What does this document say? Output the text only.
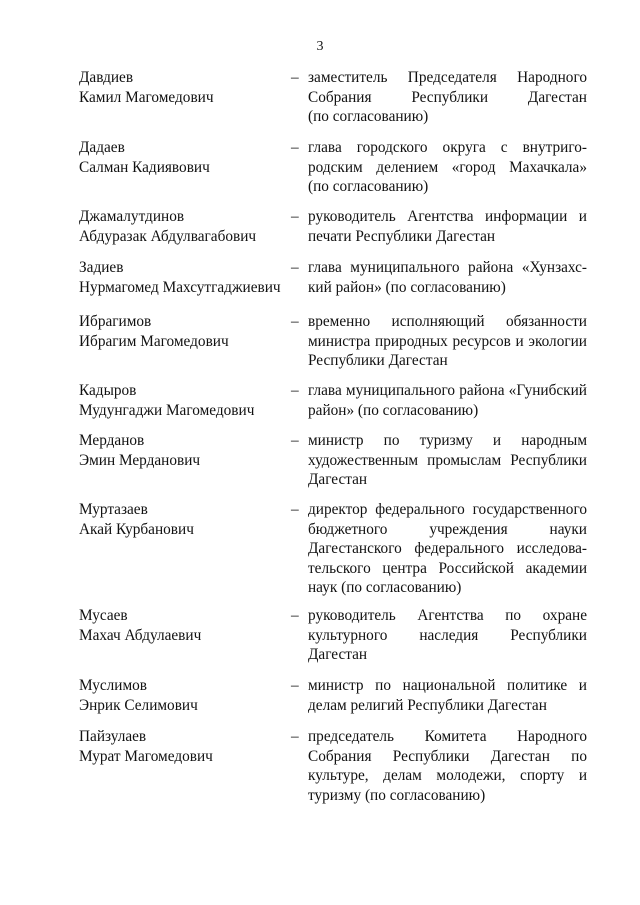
3
Давдиев
Камил Магомедович
– заместитель Председателя Народного
Собрания Республики Дагестан
(по согласованию)
Дадаев
Салман Кадиявович
– глава городского округа с внутриго-
родским делением «город Махачкала»
(по согласованию)
Джамалутдинов
Абдуразак Абдулвагабович
– руководитель Агентства информации и
печати Республики Дагестан
Задиев
Нурмагомед Махсутгаджиевич
– глава муниципального района «Хунзахс-
кий район» (по согласованию)
Ибрагимов
Ибрагим Магомедович
– временно исполняющий обязанности
министра природных ресурсов и экологии
Республики Дагестан
Кадыров
Мудунгаджи Магомедович
– глава муниципального района «Гунибский
район» (по согласованию)
Мерданов
Эмин Мерданович
– министр по туризму и народным
художественным промыслам Республики
Дагестан
Муртазаев
Акай Курбанович
– директор федерального государственного
бюджетного учреждения науки
Дагестанского федерального исследова-
тельского центра Российской академии
наук (по согласованию)
Мусаев
Махач Абдулаевич
– руководитель Агентства по охране
культурного наследия Республики
Дагестан
Муслимов
Энрик Селимович
– министр по национальной политике и
делам религий Республики Дагестан
Пайзулаев
Мурат Магомедович
– председатель Комитета Народного
Собрания Республики Дагестан по
культуре, делам молодежи, спорту и
туризму (по согласованию)
